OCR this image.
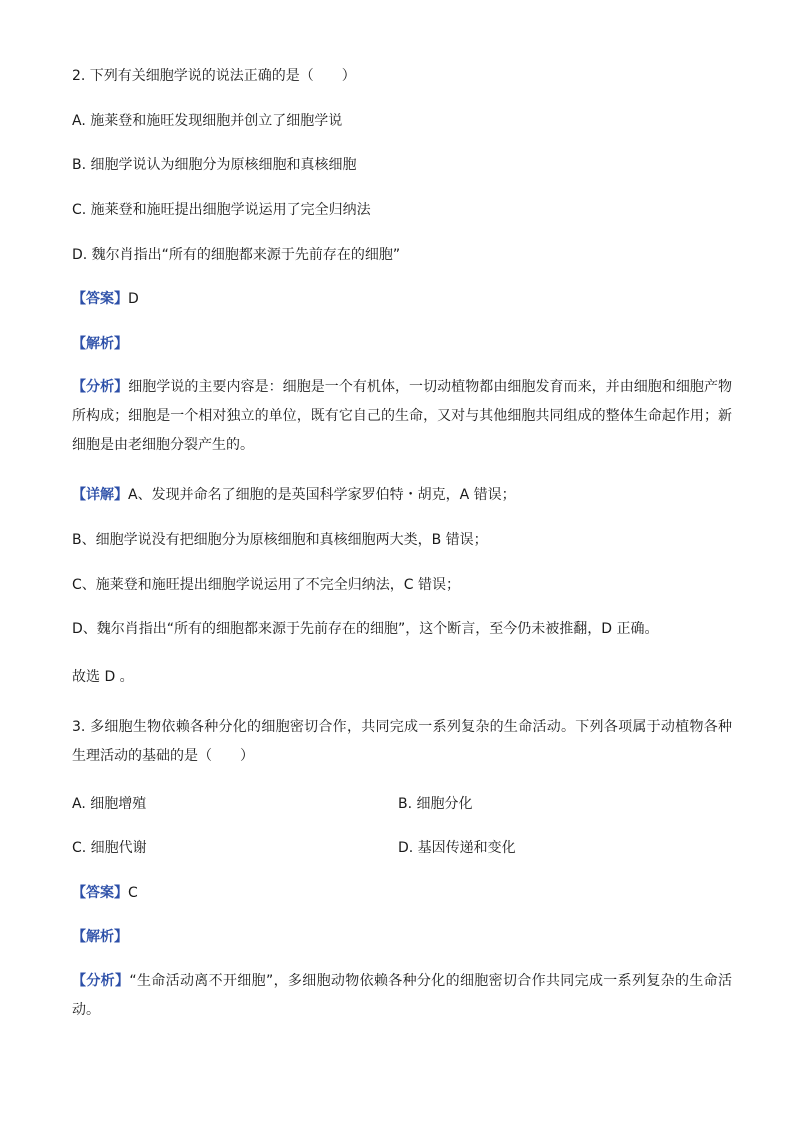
2. 下列有关细胞学说的说法正确的是（　　）
A. 施莱登和施旺发现细胞并创立了细胞学说
B. 细胞学说认为细胞分为原核细胞和真核细胞
C. 施莱登和施旺提出细胞学说运用了完全归纳法
D. 魏尔肖指出“所有的细胞都来源于先前存在的细胞”
【答案】D
【解析】
【分析】细胞学说的主要内容是：细胞是一个有机体，一切动植物都由细胞发育而来，并由细胞和细胞产物所构成；细胞是一个相对独立的单位，既有它自己的生命，又对与其他细胞共同组成的整体生命起作用；新细胞是由老细胞分裂产生的。
【详解】A、发现并命名了细胞的是英国科学家罗伯特・胡克，A 错误；
B、细胞学说没有把细胞分为原核细胞和真核细胞两大类，B 错误；
C、施莱登和施旺提出细胞学说运用了不完全归纳法，C 错误；
D、魏尔肖指出“所有的细胞都来源于先前存在的细胞”，这个断言，至今仍未被推翻，D 正确。
故选 D 。
3. 多细胞生物依赖各种分化的细胞密切合作，共同完成一系列复杂的生命活动。下列各项属于动植物各种生理活动的基础的是（　　）
A. 细胞增殖	B. 细胞分化
C. 细胞代谢	D. 基因传递和变化
【答案】C
【解析】
【分析】“生命活动离不开细胞”，多细胞动物依赖各种分化的细胞密切合作共同完成一系列复杂的生命活动。
